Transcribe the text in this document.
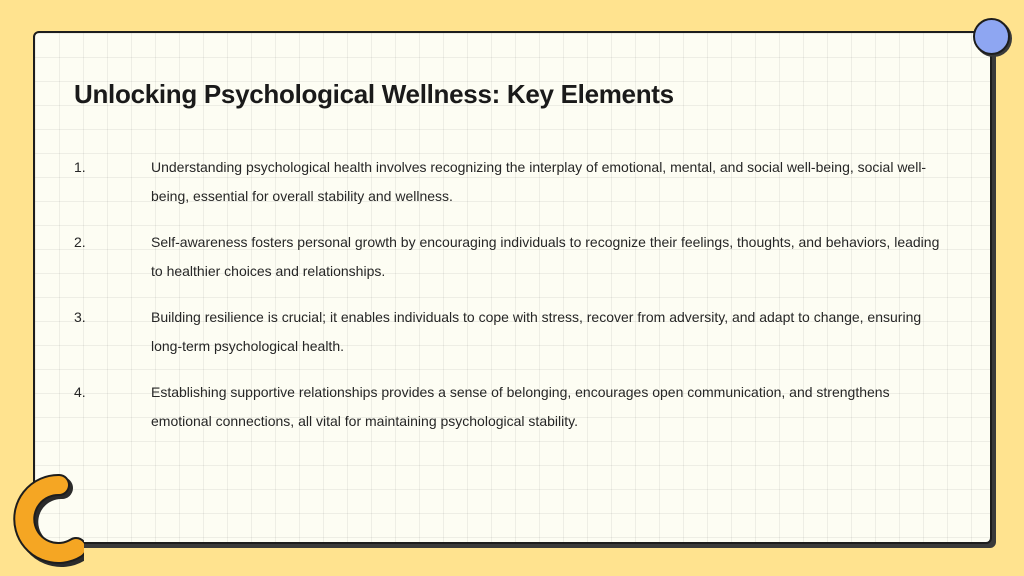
Unlocking Psychological Wellness: Key Elements
1.	Understanding psychological health involves recognizing the interplay of emotional, mental, and social well-being, social well-being, essential for overall stability and wellness.
2.	Self-awareness fosters personal growth by encouraging individuals to recognize their feelings, thoughts, and behaviors, leading to healthier choices and relationships.
3.	Building resilience is crucial; it enables individuals to cope with stress, recover from adversity, and adapt to change, ensuring long-term psychological health.
4.	Establishing supportive relationships provides a sense of belonging, encourages open communication, and strengthens emotional connections, all vital for maintaining psychological stability.
